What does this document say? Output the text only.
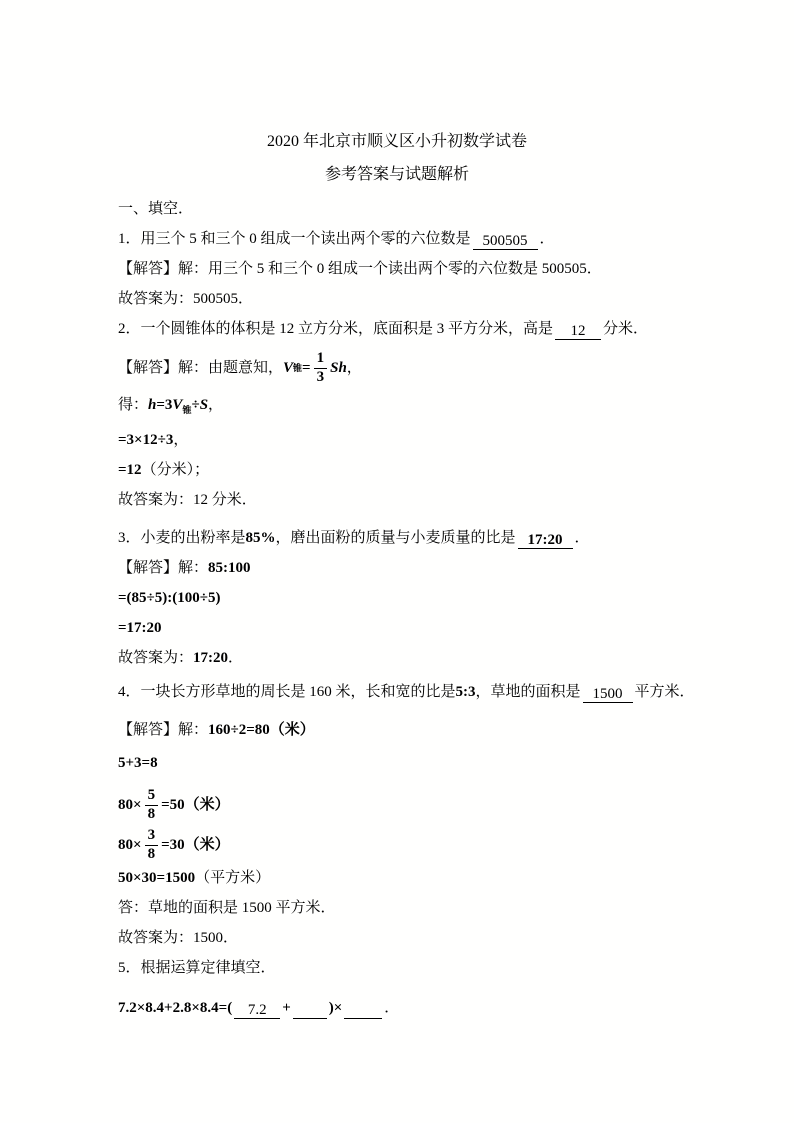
2020 年北京市顺义区小升初数学试卷
参考答案与试题解析
一、填空．
1．用三个 5 和三个 0 组成一个读出两个零的六位数是 500505 ．
【解答】解：用三个 5 和三个 0 组成一个读出两个零的六位数是 500505．
故答案为：500505．
2．一个圆锥体的体积是 12 立方分米，底面积是 3 平方分米，高是 12 分米．
【解答】解：由题意知， V 锥 = $\frac{1}{3}$ Sh ，
得：$h=3V_锥\div S$，
=3×12÷3，
=12（分米）；
故答案为：12 分米．
3．小麦的出粉率是85%，磨出面粉的质量与小麦质量的比是 17:20 ．
【解答】解：85:100
=(85÷5):(100÷5)
=17:20
故答案为：17:20．
4．一块长方形草地的周长是 160 米，长和宽的比是5:3，草地的面积是 1500 平方米．
【解答】解：160÷2=80（米）
5+3=8
$80\times \frac{5}{8} =50$ （米）
$80\times \frac{3}{8} =30$ （米）
50×30=1500（平方米）
答：草地的面积是 1500 平方米．
故答案为：1500．
5．根据运算定律填空．
7.2×8.4+2.8×8.4=( 7.2 +	)×	．
